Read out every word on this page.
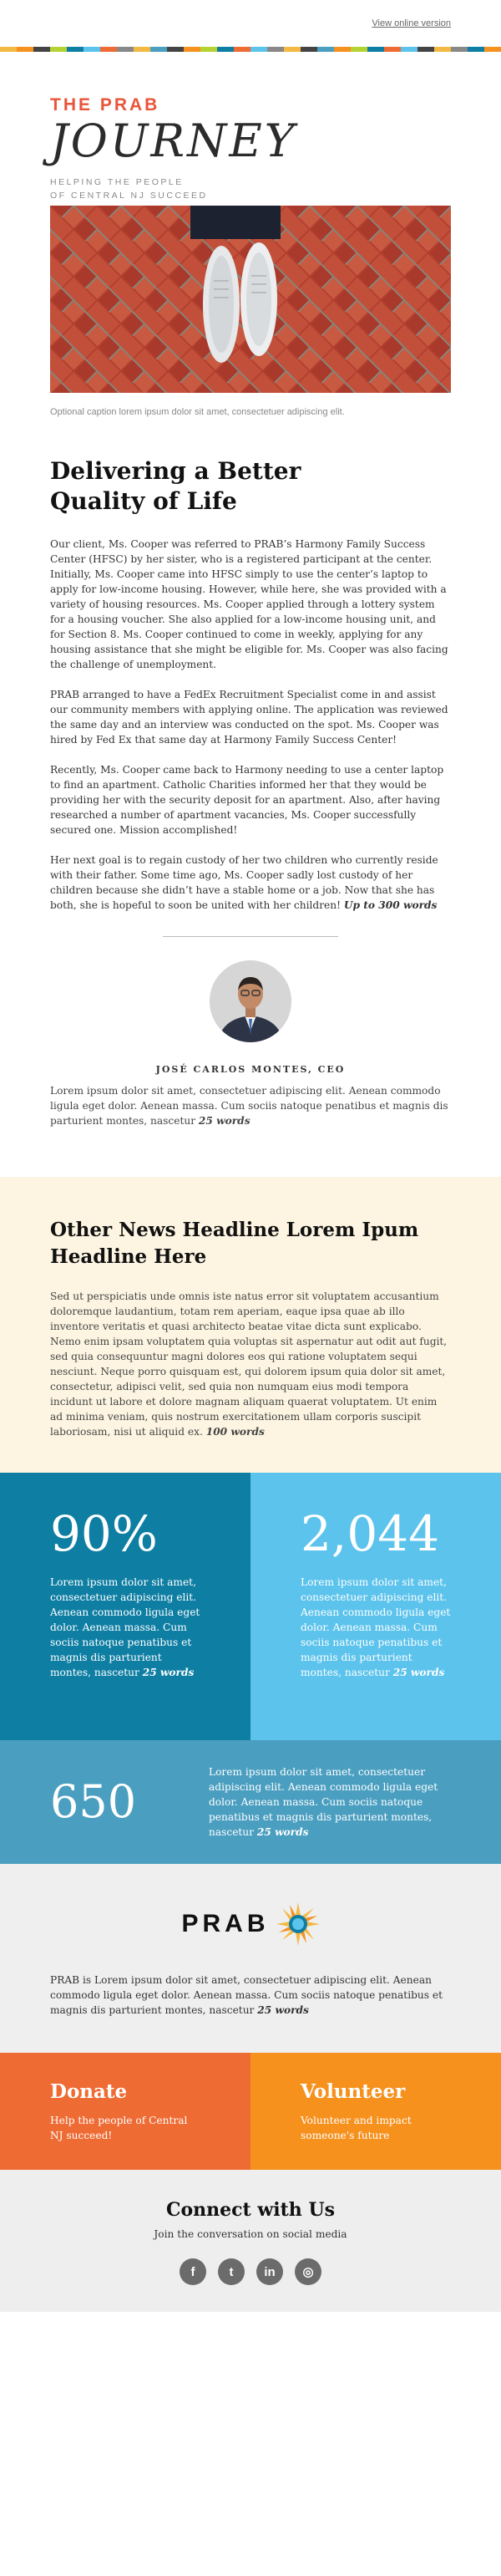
View online version
THE PRAB
JOURNEY
HELPING THE PEOPLE
OF CENTRAL NJ SUCCEED
Optional caption lorem ipsum dolor sit amet, consectetuer adipiscing elit.
Delivering a Better Quality of Life

Our client, Ms. Cooper was referred to PRAB’s Harmony Family Success Center (HFSC) by her sister, who is a registered participant at the center. Initially, Ms. Cooper came into HFSC simply to use the center’s laptop to apply for low-income housing. However, while here, she was provided with a variety of housing resources. Ms. Cooper applied through a lottery system for a housing voucher. She also applied for a low-income housing unit, and for Section 8. Ms. Cooper continued to come in weekly, applying for any housing assistance that she might be eligible for. Ms. Cooper was also facing the challenge of unemployment.

PRAB arranged to have a FedEx Recruitment Specialist come in and assist our community members with applying online. The application was reviewed the same day and an interview was conducted on the spot. Ms. Cooper was hired by Fed Ex that same day at Harmony Family Success Center!

Recently, Ms. Cooper came back to Harmony needing to use a center laptop to find an apartment. Catholic Charities informed her that they would be providing her with the security deposit for an apartment. Also, after having researched a number of apartment vacancies, Ms. Cooper successfully secured one. Mission accomplished!

Her next goal is to regain custody of her two children who currently reside with their father. Some time ago, Ms. Cooper sadly lost custody of her children because she didn’t have a stable home or a job. Now that she has both, she is hopeful to soon be united with her children! Up to 300 words

JOSÉ CARLOS MONTES, CEO
Lorem ipsum dolor sit amet, consectetuer adipiscing elit. Aenean commodo ligula eget dolor. Aenean massa. Cum sociis natoque penatibus et magnis dis parturient montes, nascetur 25 words
Other News Headline Lorem Ipum Headline Here

Sed ut perspiciatis unde omnis iste natus error sit voluptatem accusantium doloremque laudantium, totam rem aperiam, eaque ipsa quae ab illo inventore veritatis et quasi architecto beatae vitae dicta sunt explicabo. Nemo enim ipsam voluptatem quia voluptas sit aspernatur aut odit aut fugit, sed quia consequuntur magni dolores eos qui ratione voluptatem sequi nesciunt. Neque porro quisquam est, qui dolorem ipsum quia dolor sit amet, consectetur, adipisci velit, sed quia non numquam eius modi tempora incidunt ut labore et dolore magnam aliquam quaerat voluptatem. Ut enim ad minima veniam, quis nostrum exercitationem ullam corporis suscipit laboriosam, nisi ut aliquid ex. 100 words

90%
Lorem ipsum dolor sit amet, consectetuer adipiscing elit. Aenean commodo ligula eget dolor. Aenean massa. Cum sociis natoque penatibus et magnis dis parturient montes, nascetur 25 words
2,044
Lorem ipsum dolor sit amet, consectetuer adipiscing elit. Aenean commodo ligula eget dolor. Aenean massa. Cum sociis natoque penatibus et magnis dis parturient montes, nascetur 25 words
650
Lorem ipsum dolor sit amet, consectetuer adipiscing elit. Aenean commodo ligula eget dolor. Aenean massa. Cum sociis natoque penatibus et magnis dis parturient montes, nascetur 25 words
PRAB

PRAB is Lorem ipsum dolor sit amet, consectetuer adipiscing elit. Aenean commodo ligula eget dolor. Aenean massa. Cum sociis natoque penatibus et magnis dis parturient montes, nascetur 25 words

Donate
Help the people of Central NJ succeed!
Volunteer
Volunteer and impact someone's future
Connect with Us
Join the conversation on social media
f	t	in	◎
